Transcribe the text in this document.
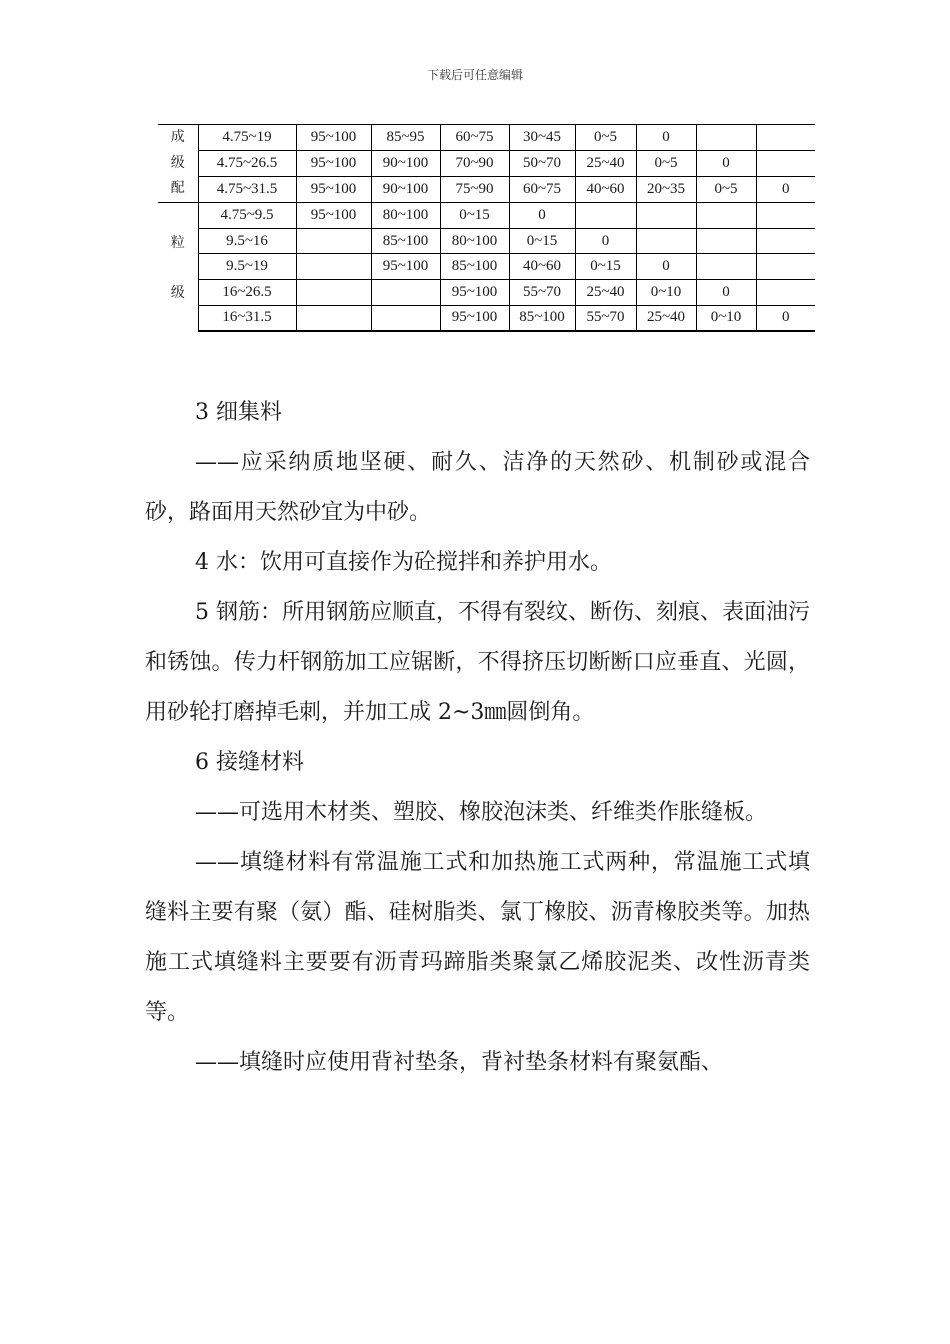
下载后可任意编辑
成
级
配	4.75~19	95~100	85~95	60~75	30~45	0~5	0		
	4.75~26.5	95~100	90~100	70~90	50~70	25~40	0~5	0	
	4.75~31.5	95~100	90~100	75~90	60~75	40~60	20~35	0~5	0

粒
级	4.75~9.5	95~100	80~100	0~15	0				
	9.5~16		85~100	80~100	0~15	0			
	9.5~19		95~100	85~100	40~60	0~15	0		
	16~26.5			95~100	55~70	25~40	0~10	0	
	16~31.5			95~100	85~100	55~70	25~40	0~10	0

3 细集料

——应采纳质地坚硬、耐久、洁净的天然砂、机制砂或混合砂，路面用天然砂宜为中砂。

4 水：饮用可直接作为砼搅拌和养护用水。

5 钢筋：所用钢筋应顺直，不得有裂纹、断伤、刻痕、表面油污和锈蚀。传力杆钢筋加工应锯断，不得挤压切断断口应垂直、光圆，用砂轮打磨掉毛刺，并加工成 2~3㎜圆倒角。

6 接缝材料

——可选用木材类、塑胶、橡胶泡沫类、纤维类作胀缝板。

——填缝材料有常温施工式和加热施工式两种，常温施工式填缝料主要有聚（氨）酯、硅树脂类、氯丁橡胶、沥青橡胶类等。加热施工式填缝料主要要有沥青玛蹄脂类聚氯乙烯胶泥类、改性沥青类等。

——填缝时应使用背衬垫条，背衬垫条材料有聚氨酯、
